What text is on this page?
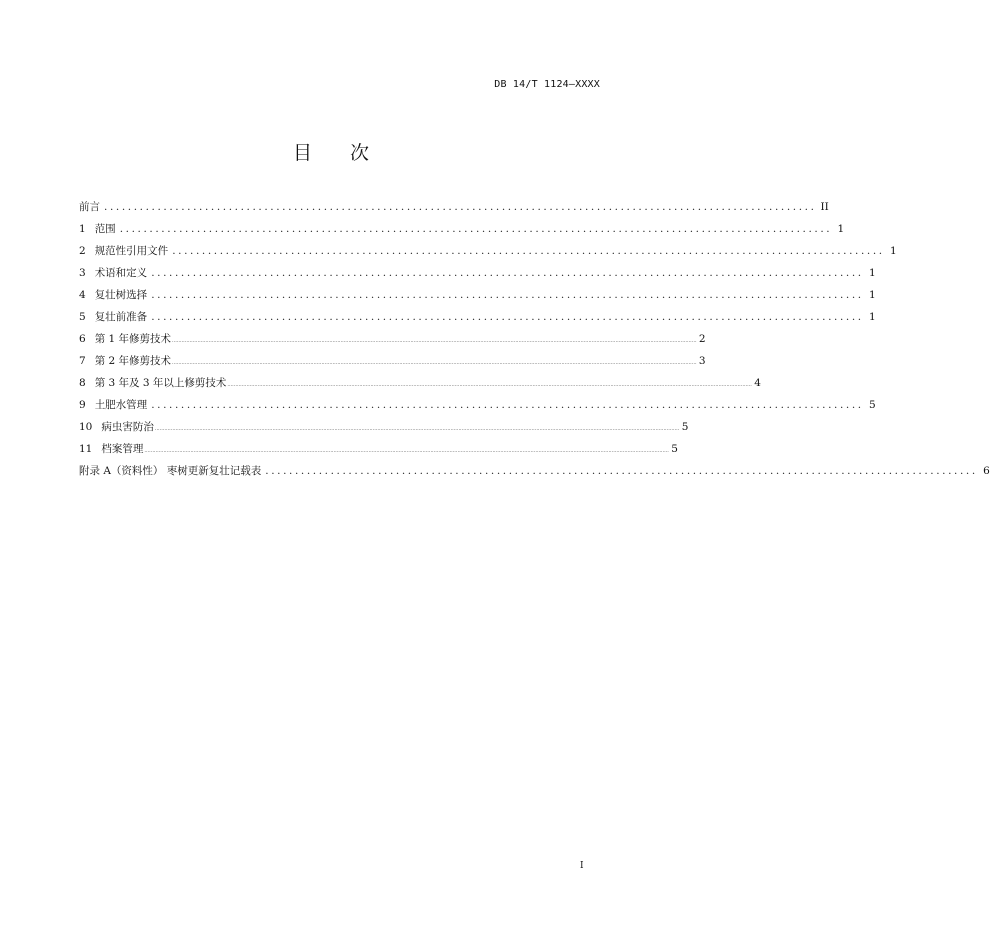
DB 14/T 1124—XXXX
目 次
前言 ........................................................................................................................ II
1 范围 ........................................................................................................................ 1
2 规范性引用文件 ........................................................................................................................ 1
3 术语和定义 ........................................................................................................................ 1
4 复壮树选择 ........................................................................................................................ 1
5 复壮前准备 ........................................................................................................................ 1
6 第 1 年修剪技术 .......................................................................................................................................................................................................................................................................................................................................... 2
7 第 2 年修剪技术 .......................................................................................................................................................................................................................................................................................................................................... 3
8 第 3 年及 3 年以上修剪技术 .......................................................................................................................................................................................................................................................................................................................................... 4
9 土肥水管理 ........................................................................................................................ 5
10 病虫害防治 .......................................................................................................................................................................................................................................................................................................................................... 5
11 档案管理 .......................................................................................................................................................................................................................................................................................................................................... 5
附录 A（资料性） 枣树更新复壮记载表 ........................................................................................................................ 6
I
